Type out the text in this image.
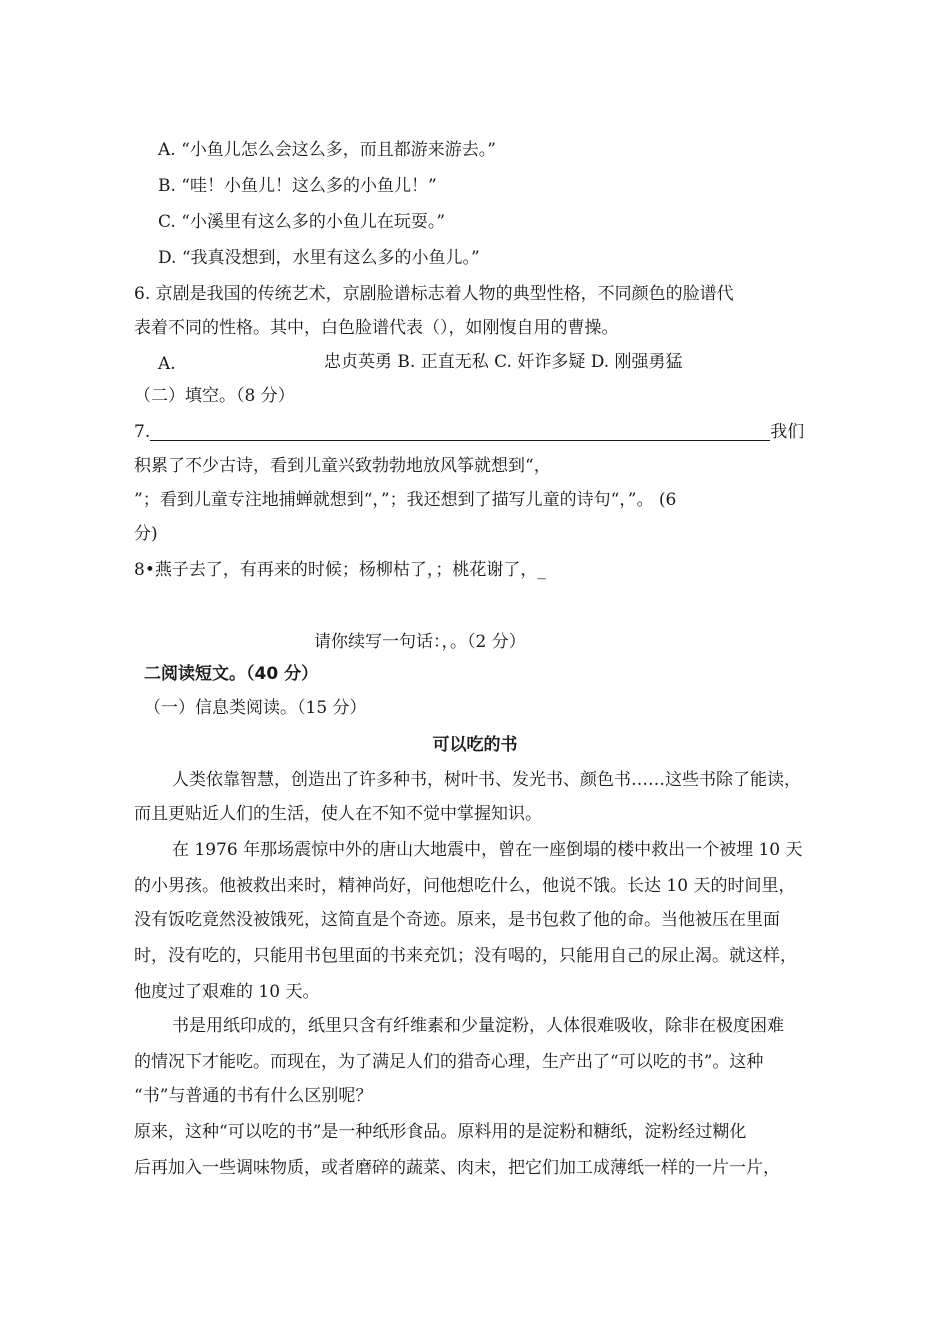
A. “小鱼儿怎么会这么多，而且都游来游去。”
B. “哇！小鱼儿！这么多的小鱼儿！”
C. “小溪里有这么多的小鱼儿在玩耍。”
D. “我真没想到，水里有这么多的小鱼儿。”
6. 京剧是我国的传统艺术，京剧脸谱标志着人物的典型性格，不同颜色的脸谱代
表着不同的性格。其中，白色脸谱代表（），如刚愎自用的曹操。
A.	忠贞英勇 B. 正直无私 C. 奸诈多疑 D. 刚强勇猛
（二）填空。（8 分）
7.	我们
积累了不少古诗，看到儿童兴致勃勃地放风筝就想到“，
”；看到儿童专注地捕蝉就想到“，”；我还想到了描写儿童的诗句“，”。 (6
分)
8•燕子去了，有再来的时候；杨柳枯了，；桃花谢了，_
请你续写一句话：，。（2 分）
二阅读短文。（40 分）
（一）信息类阅读。（15 分）
可以吃的书
人类依靠智慧，创造出了许多种书，树叶书、发光书、颜色书……这些书除了能读，
而且更贴近人们的生活，使人在不知不觉中掌握知识。
在 1976 年那场震惊中外的唐山大地震中，曾在一座倒塌的楼中救出一个被埋 10 天
的小男孩。他被救出来时，精神尚好，问他想吃什么，他说不饿。长达 10 天的时间里，
没有饭吃竟然没被饿死，这简直是个奇迹。原来，是书包救了他的命。当他被压在里面
时，没有吃的，只能用书包里面的书来充饥；没有喝的，只能用自己的尿止渴。就这样，
他度过了艰难的 10 天。
书是用纸印成的，纸里只含有纤维素和少量淀粉，人体很难吸收，除非在极度困难
的情况下才能吃。而现在，为了满足人们的猎奇心理，生产出了“可以吃的书”。这种
“书”与普通的书有什么区别呢？
原来，这种“可以吃的书”是一种纸形食品。原料用的是淀粉和糖纸，淀粉经过糊化
后再加入一些调味物质，或者磨碎的蔬菜、肉末，把它们加工成薄纸一样的一片一片，
